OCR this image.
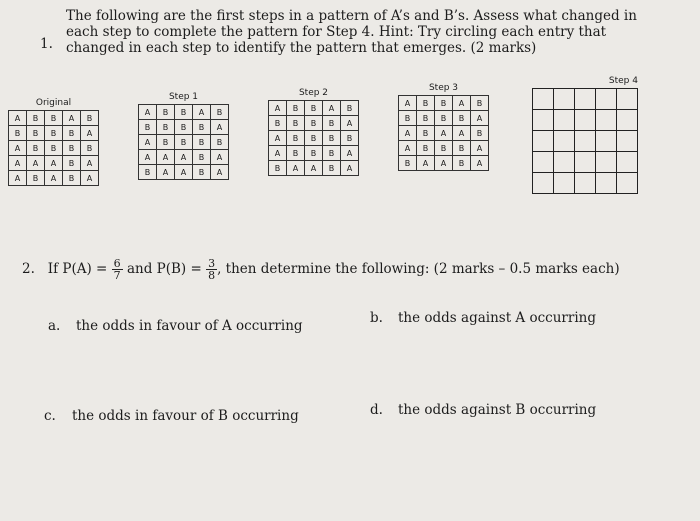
1.
The following are the first steps in a pattern of A’s and B’s. Assess what changed in each step to complete the pattern for Step 4. Hint: Try circling each entry that changed in each step to identify the pattern that emerges. (2 marks)
Original
A	B	B	A	B
B	B	B	B	A
A	B	B	B	B
A	A	A	B	A
A	B	A	B	A
Step 1
A	B	B	A	B
B	B	B	B	A
A	B	B	B	B
A	A	A	B	A
B	A	A	B	A
Step 2
A	B	B	A	B
B	B	B	B	A
A	B	B	B	B
A	B	B	B	A
B	A	A	B	A
Step 3
A	B	B	A	B
B	B	B	B	A
A	B	A	A	B
A	B	B	B	A
B	A	A	B	A
Step 4

2. If $P(A) = \frac{6}{7}$ and $P(B) = \frac{3}{8}$ , then determine the following: (2 marks – 0.5 marks each)
a. the odds in favour of A occurring	b. the odds against A occurring
c. the odds in favour of B occurring	d. the odds against B occurring
